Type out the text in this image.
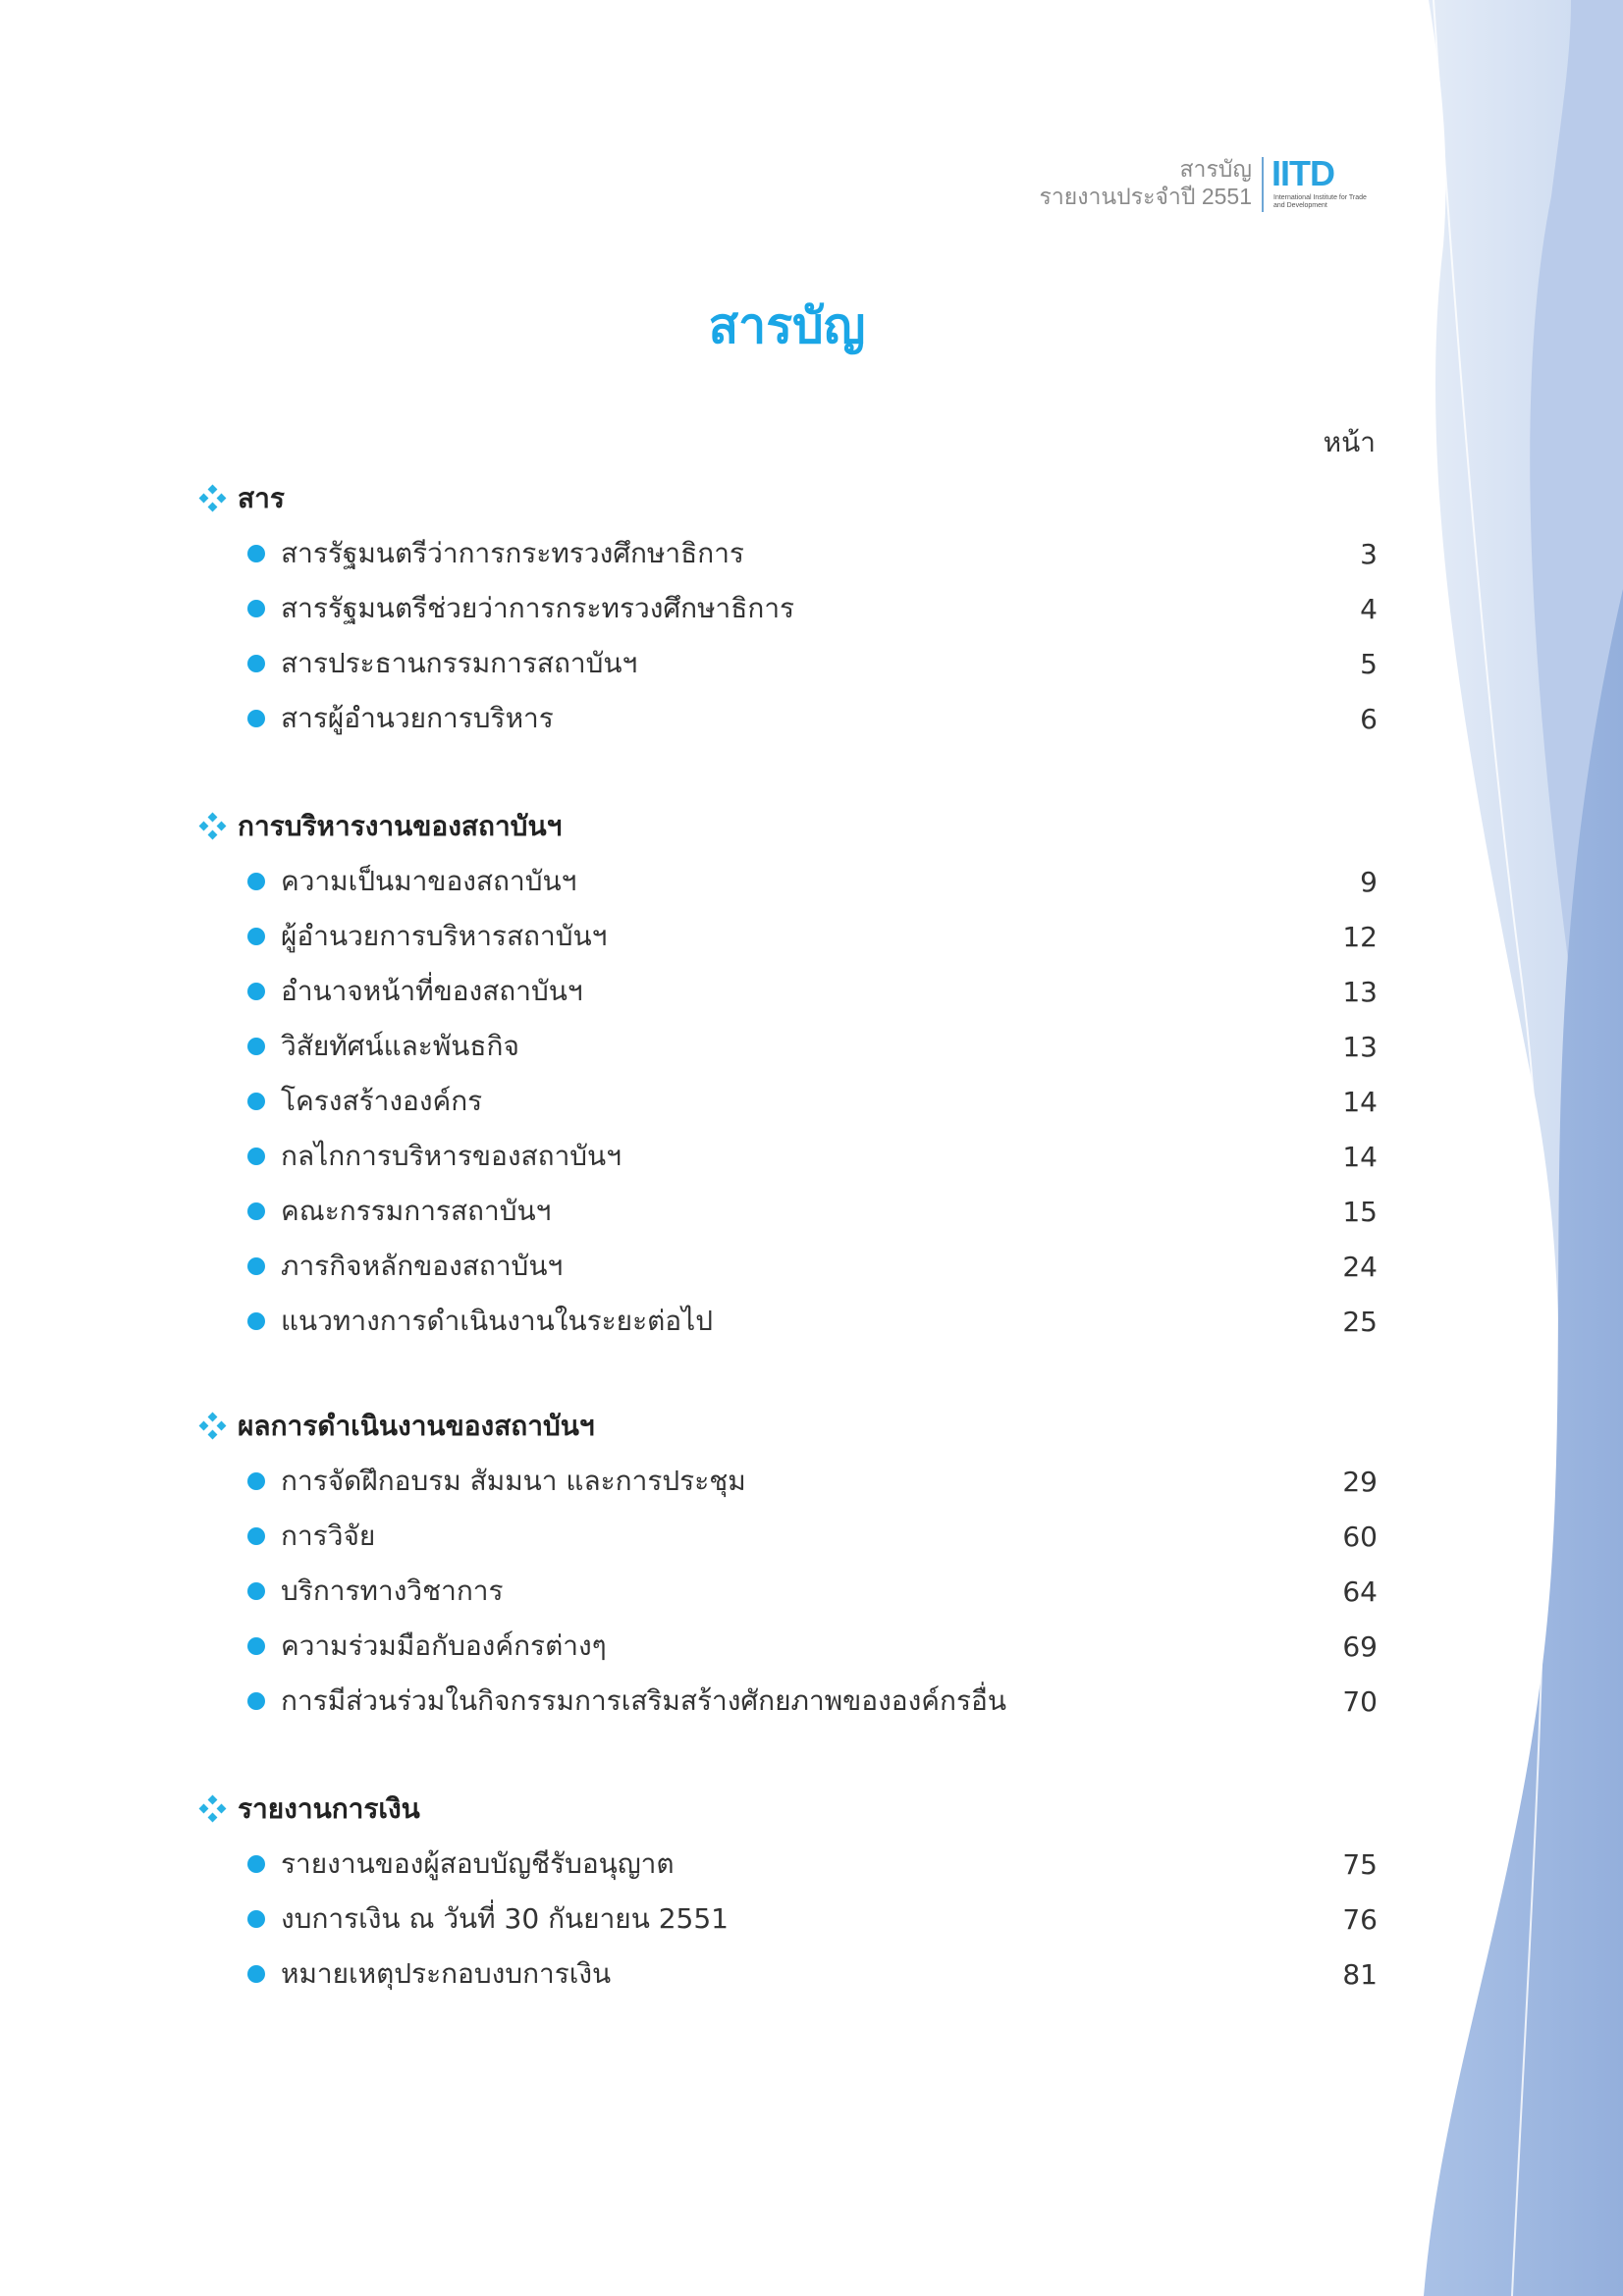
สารบัญ
รายงานประจำปี 2551
IITD
International Institute for Trade and Development
สารบัญ
หน้า
สาร
สารรัฐมนตรีว่าการกระทรวงศึกษาธิการ	3
สารรัฐมนตรีช่วยว่าการกระทรวงศึกษาธิการ	4
สารประธานกรรมการสถาบันฯ	5
สารผู้อำนวยการบริหาร	6
การบริหารงานของสถาบันฯ
ความเป็นมาของสถาบันฯ	9
ผู้อำนวยการบริหารสถาบันฯ	12
อำนาจหน้าที่ของสถาบันฯ	13
วิสัยทัศน์และพันธกิจ	13
โครงสร้างองค์กร	14
กลไกการบริหารของสถาบันฯ	14
คณะกรรมการสถาบันฯ	15
ภารกิจหลักของสถาบันฯ	24
แนวทางการดำเนินงานในระยะต่อไป	25
ผลการดำเนินงานของสถาบันฯ
การจัดฝึกอบรม สัมมนา และการประชุม	29
การวิจัย	60
บริการทางวิชาการ	64
ความร่วมมือกับองค์กรต่างๆ	69
การมีส่วนร่วมในกิจกรรมการเสริมสร้างศักยภาพขององค์กรอื่น	70
รายงานการเงิน
รายงานของผู้สอบบัญชีรับอนุญาต	75
งบการเงิน ณ วันที่ 30 กันยายน 2551	76
หมายเหตุประกอบงบการเงิน	81
